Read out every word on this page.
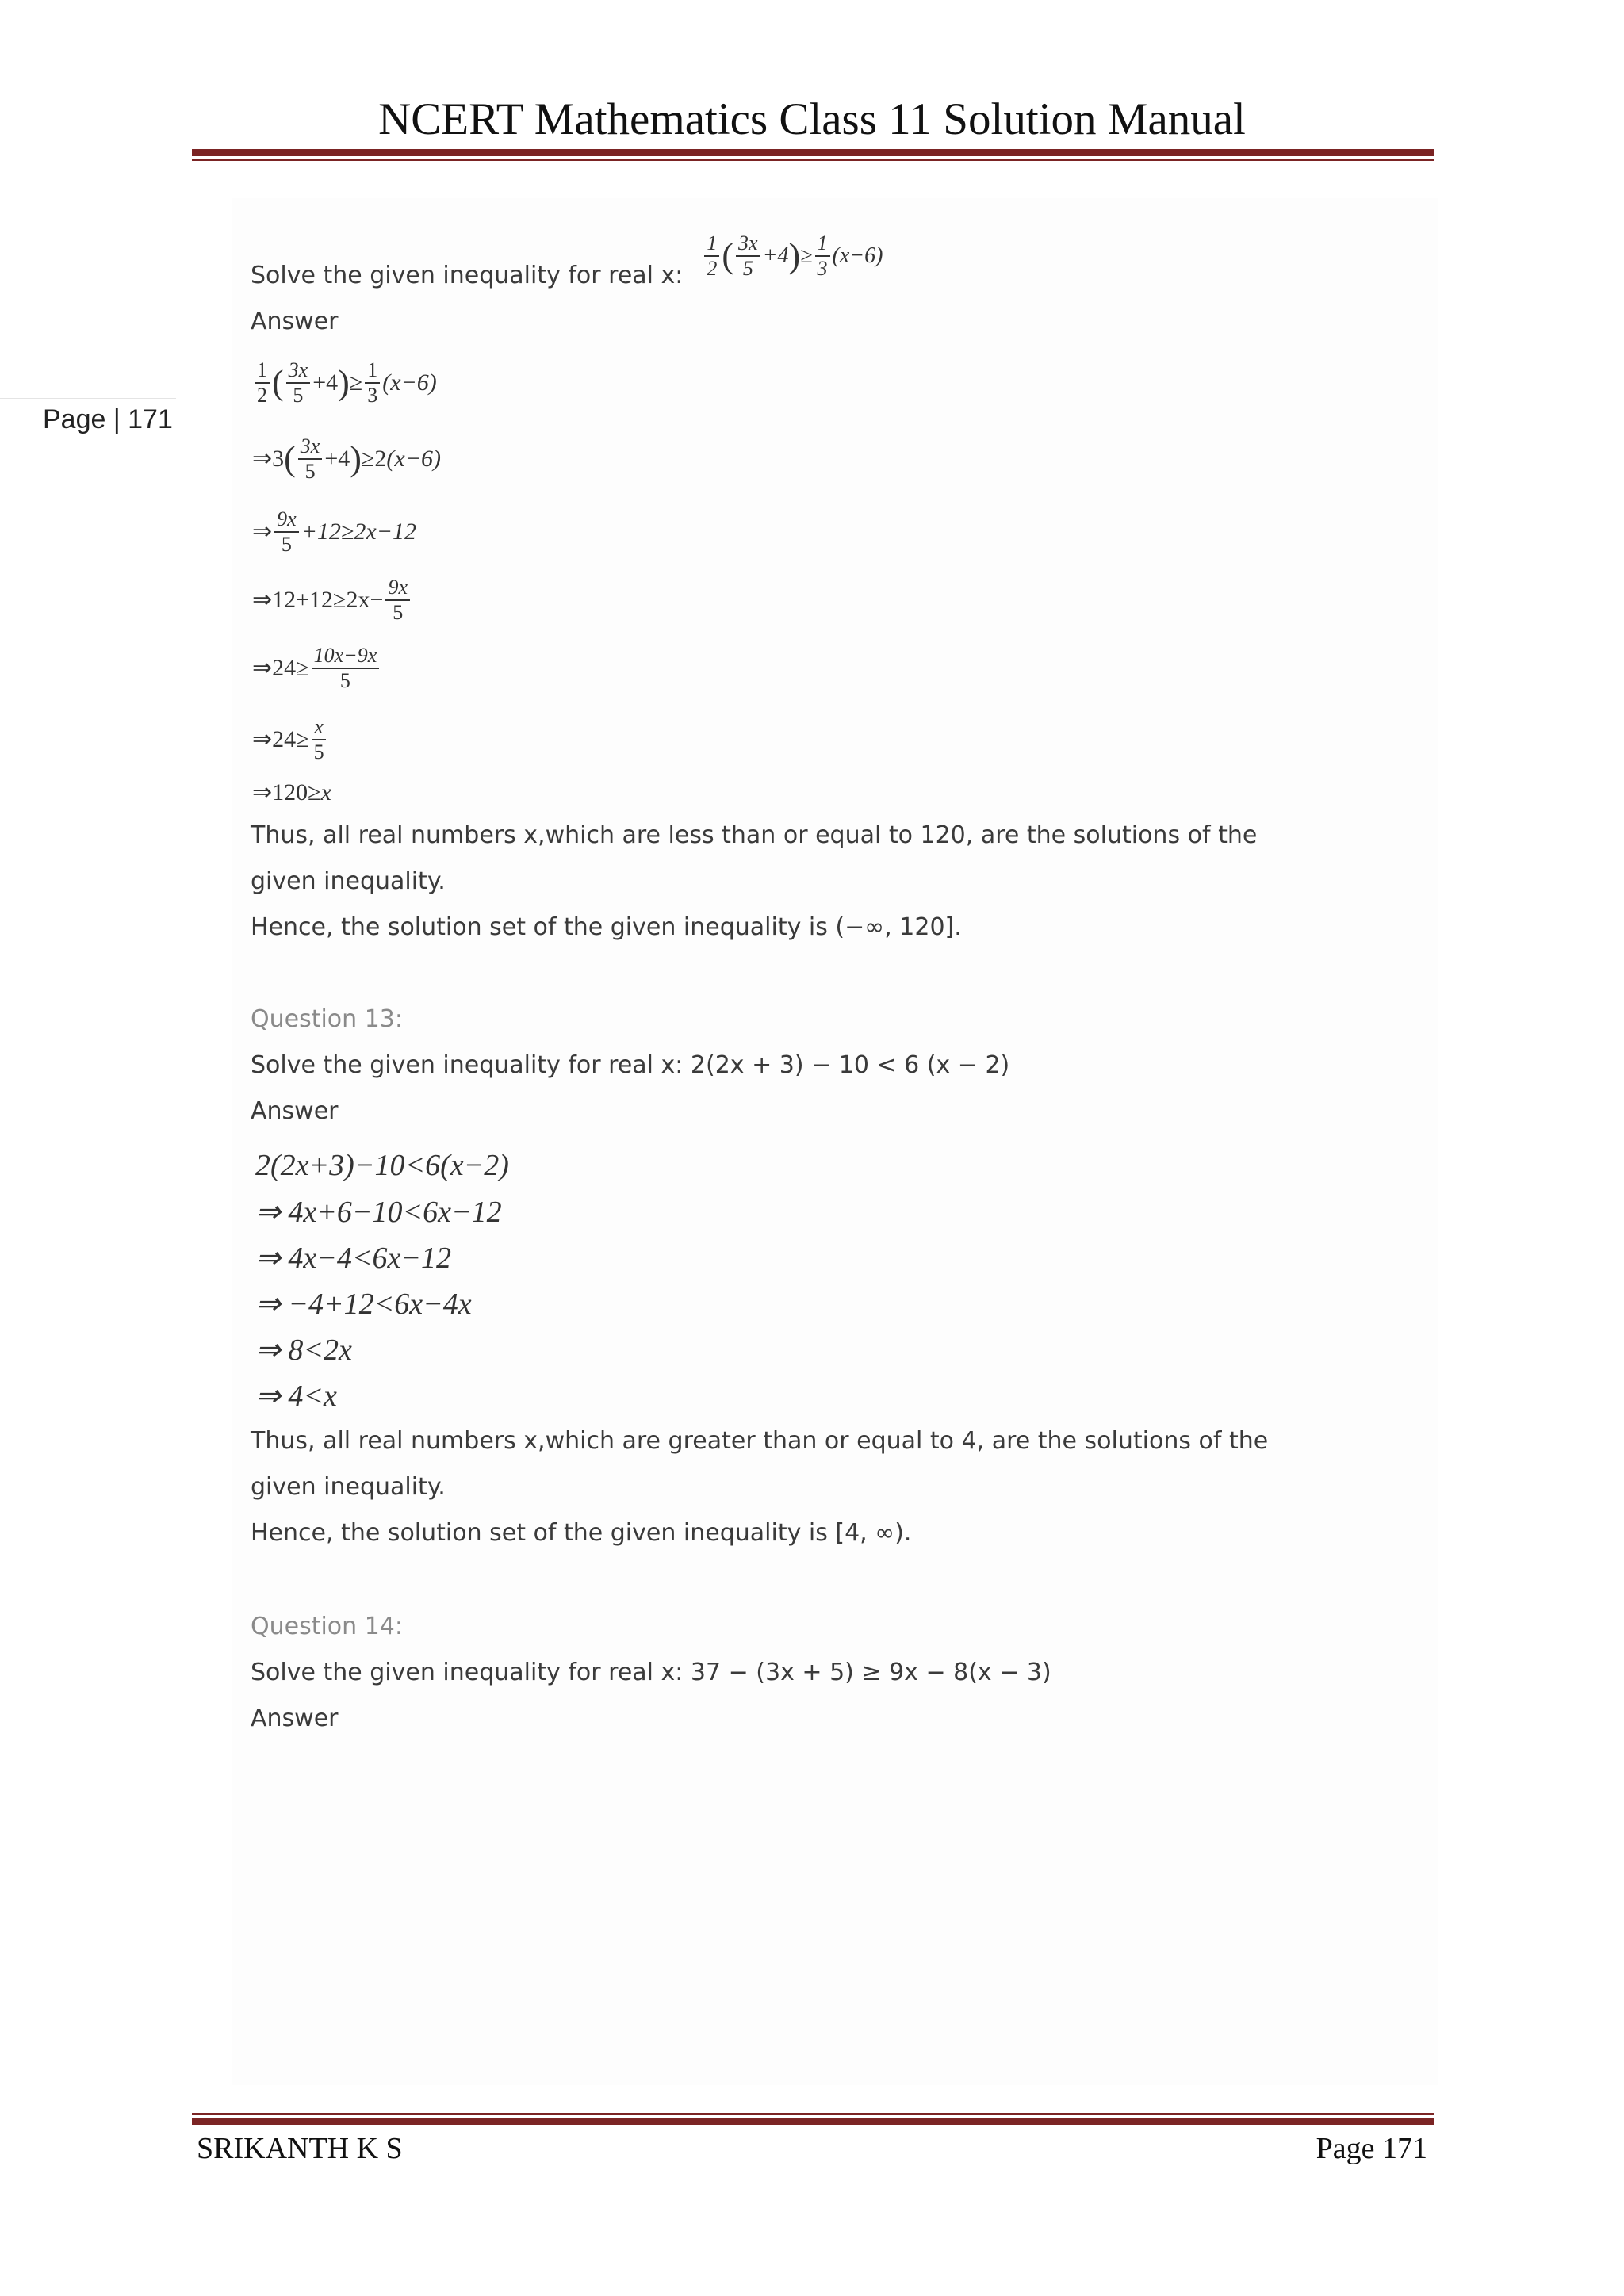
NCERT Mathematics Class 11 Solution Manual
Page | 171
Solve the given inequality for real x: $\frac{1}{2}$ ( $\frac{3x}{5} +4$ ) ≥ $\frac{1}{3} (x-6)$
Answer
$\frac{1}{2}$ ( $\frac{3x}{5} +4$ ) ≥ $\frac{1}{3} (x-6)$
⇒3 ( $\frac{3x}{5} +4$ ) ≥2 (x−6)
⇒ $\frac{9x}{5} +12\ge 2x-12$
⇒12+12≥2x− $\frac{9x}{5}$
⇒24≥ $\frac{10x-9x}{5}$
⇒24≥ $\frac{x}{5}$
⇒120≥ x
Thus, all real numbers x,which are less than or equal to 120, are the solutions of the
given inequality.
Hence, the solution set of the given inequality is (−∞, 120].
Question 13:
Solve the given inequality for real x: 2(2x + 3) − 10 < 6 (x − 2)
Answer
2(2x+3)−10<6(x−2)
⇒ 4x+6−10<6x−12
⇒ 4x−4<6x−12
⇒ −4+12<6x−4x
⇒ 8<2x
⇒ 4<x
Thus, all real numbers x,which are greater than or equal to 4, are the solutions of the
given inequality.
Hence, the solution set of the given inequality is [4, ∞).
Question 14:
Solve the given inequality for real x: 37 − (3x + 5) ≥ 9x − 8(x − 3)
Answer
SRIKANTH K S	Page 171
